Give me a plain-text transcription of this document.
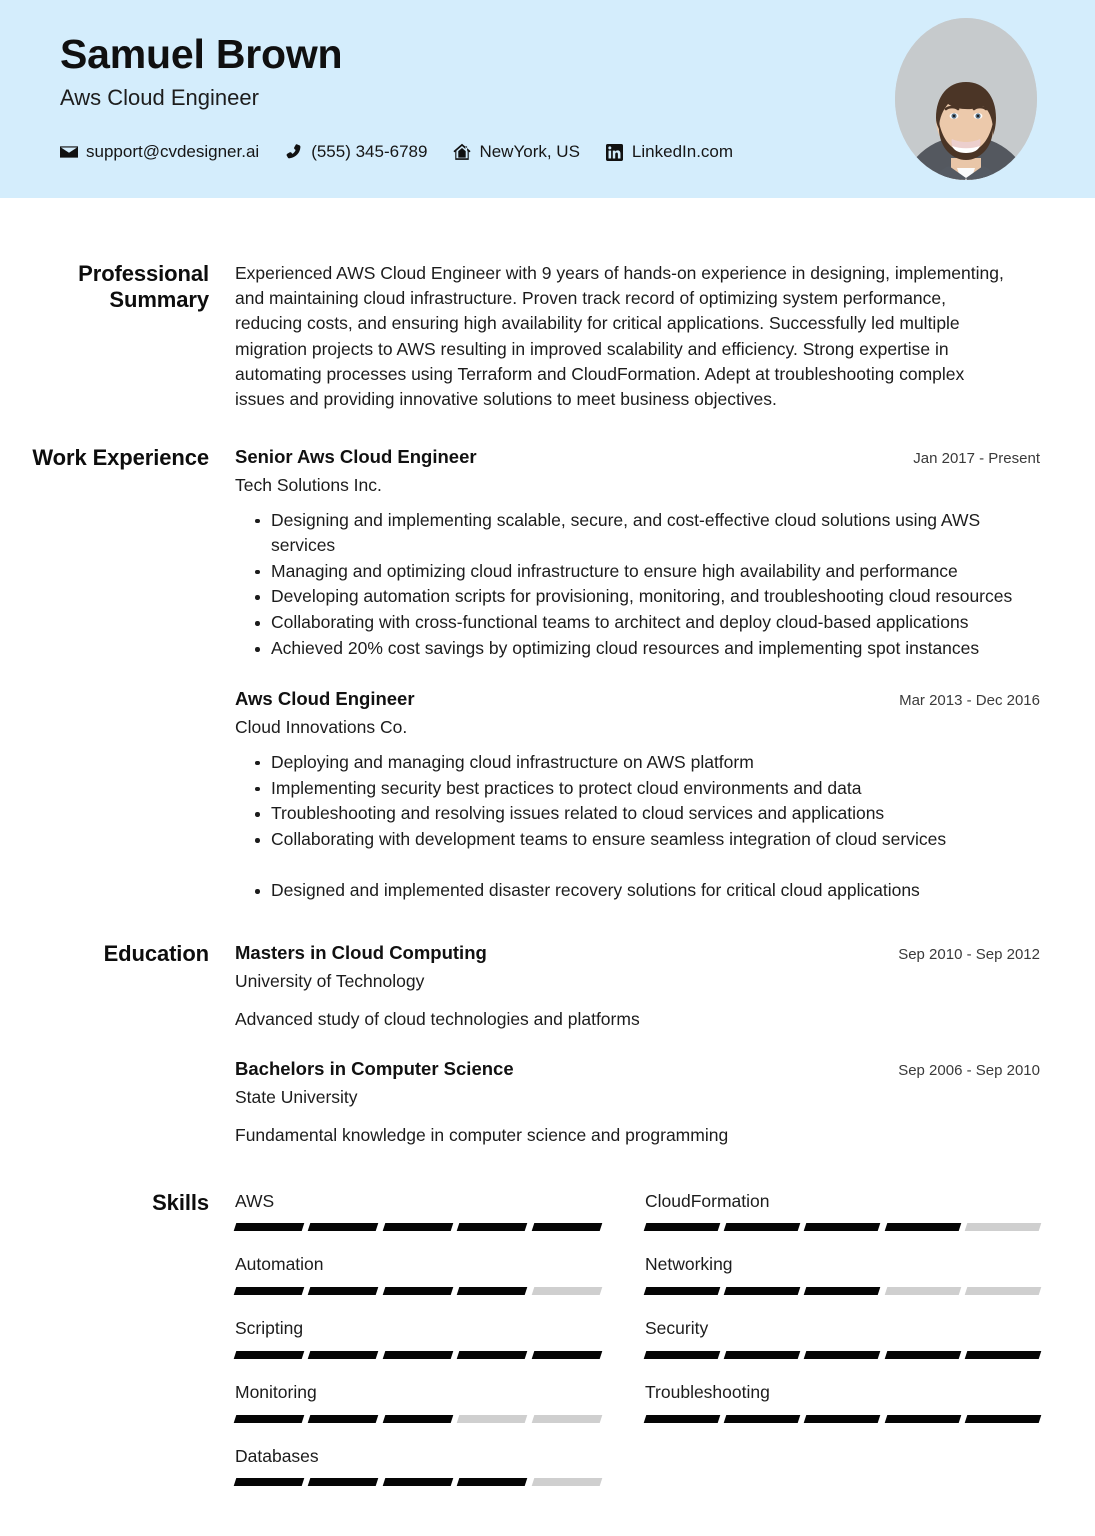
Samuel Brown
Aws Cloud Engineer
support@cvdesigner.ai	(555) 345-6789	NewYork, US	LinkedIn.com
Professional Summary
Experienced AWS Cloud Engineer with 9 years of hands-on experience in designing, implementing, and maintaining cloud infrastructure. Proven track record of optimizing system performance, reducing costs, and ensuring high availability for critical applications. Successfully led multiple migration projects to AWS resulting in improved scalability and efficiency. Strong expertise in automating processes using Terraform and CloudFormation. Adept at troubleshooting complex issues and providing innovative solutions to meet business objectives.
Work Experience	Senior Aws Cloud Engineer	Jan 2017 - Present
Tech Solutions Inc.
Designing and implementing scalable, secure, and cost-effective cloud solutions using AWS services
Managing and optimizing cloud infrastructure to ensure high availability and performance
Developing automation scripts for provisioning, monitoring, and troubleshooting cloud resources
Collaborating with cross-functional teams to architect and deploy cloud-based applications
Achieved 20% cost savings by optimizing cloud resources and implementing spot instances
Aws Cloud Engineer	Mar 2013 - Dec 2016
Cloud Innovations Co.
Deploying and managing cloud infrastructure on AWS platform
Implementing security best practices to protect cloud environments and data
Troubleshooting and resolving issues related to cloud services and applications
Collaborating with development teams to ensure seamless integration of cloud services
Designed and implemented disaster recovery solutions for critical cloud applications
Education	Masters in Cloud Computing	Sep 2010 - Sep 2012
University of Technology
Advanced study of cloud technologies and platforms
Bachelors in Computer Science	Sep 2006 - Sep 2010
State University
Fundamental knowledge in computer science and programming
Skills	AWS	CloudFormation
Automation	Networking
Scripting	Security
Monitoring	Troubleshooting
Databases
